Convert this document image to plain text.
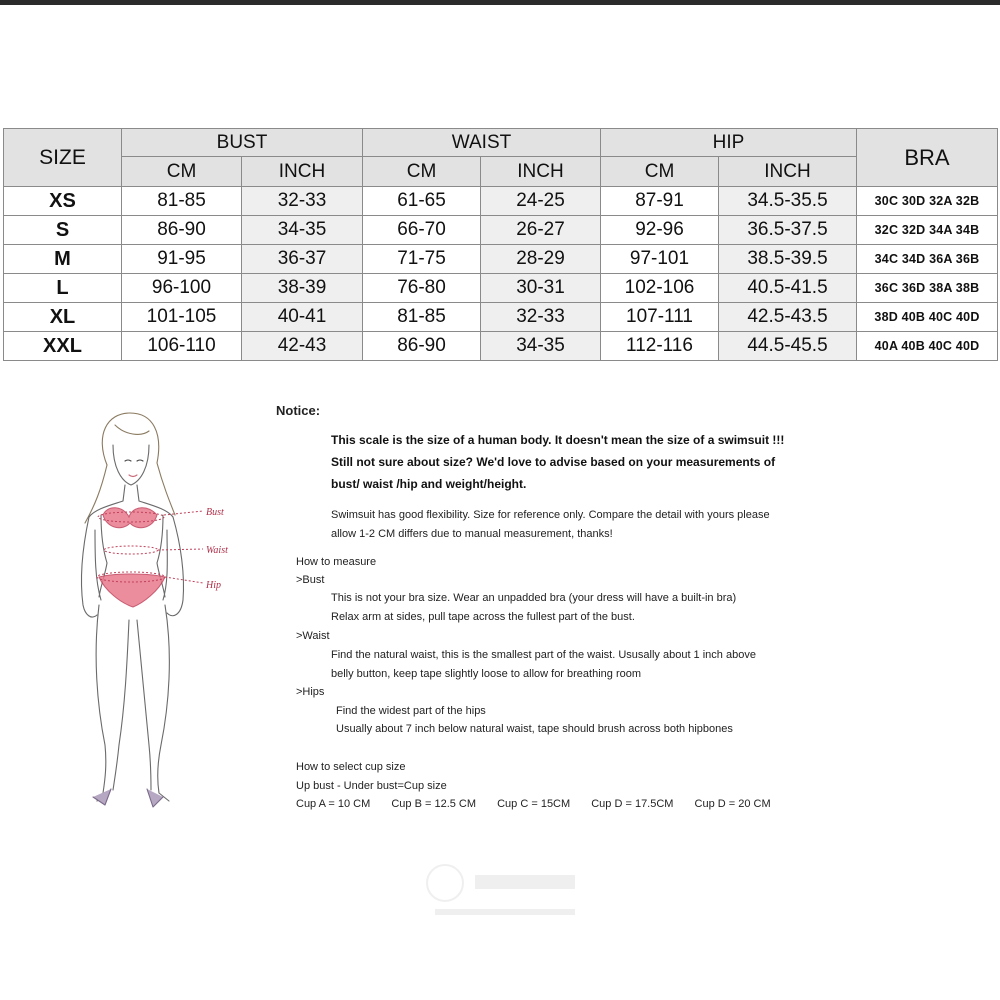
SIZE	BUST		WAIST		HIP		BRA
	CM	INCH	CM	INCH	CM	INCH	
XS	81-85	32-33	61-65	24-25	87-91	34.5-35.5	30C 30D 32A 32B
S	86-90	34-35	66-70	26-27	92-96	36.5-37.5	32C 32D 34A 34B
M	91-95	36-37	71-75	28-29	97-101	38.5-39.5	34C 34D 36A 36B
L	96-100	38-39	76-80	30-31	102-106	40.5-41.5	36C 36D 38A 38B
XL	101-105	40-41	81-85	32-33	107-111	42.5-43.5	38D 40B 40C 40D
XXL	106-110	42-43	86-90	34-35	112-116	44.5-45.5	40A 40B 40C 40D
Bust
Waist
Hip
Notice:
This scale is the size of a human body. It doesn't mean the size of a swimsuit !!!
Still not sure about size? We'd love to advise based on your measurements of
bust/ waist /hip and weight/height.
Swimsuit has good flexibility. Size for reference only. Compare the detail with yours please
allow 1-2 CM differs due to manual measurement, thanks!
How to measure
>Bust
This is not your bra size. Wear an unpadded bra (your dress will have a built-in bra)
Relax arm at sides, pull tape across the fullest part of the bust.
>Waist
Find the natural waist, this is the smallest part of the waist. Ususally about 1 inch above
belly button, keep tape slightly loose to allow for breathing room
>Hips
Find the widest part of the hips
Usually about 7 inch below natural waist, tape should brush across both hipbones
How to select cup size
Up bust - Under bust=Cup size
Cup A = 10 CM Cup B = 12.5 CM Cup C = 15CM Cup D = 17.5CM Cup D = 20 CM
